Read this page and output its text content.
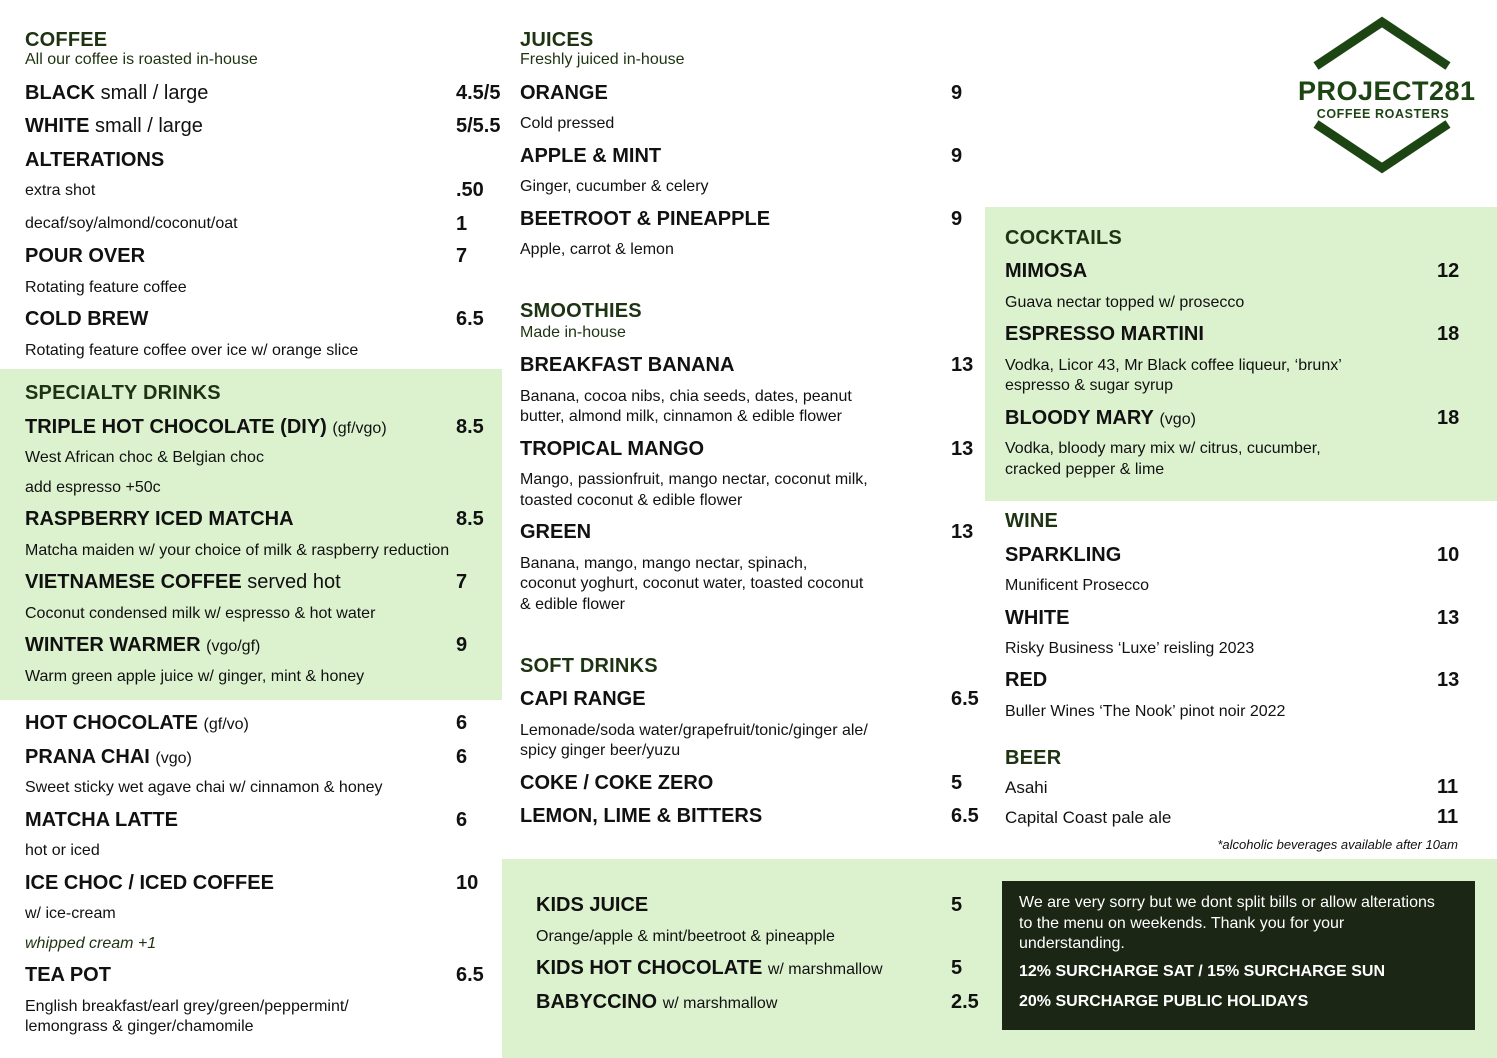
PROJECT281
COFFEE ROASTERS
COFFEE
All our coffee is roasted in-house
BLACK small / large	4.5/5
WHITE small / large	5/5.5
ALTERATIONS
extra shot	.50
decaf/soy/almond/coconut/oat	1
POUR OVER	7
Rotating feature coffee
COLD BREW	6.5
Rotating feature coffee over ice w/ orange slice
SPECIALTY DRINKS
TRIPLE HOT CHOCOLATE (DIY) (gf/vgo)	8.5
West African choc & Belgian choc
add espresso +50c
RASPBERRY ICED MATCHA	8.5
Matcha maiden w/ your choice of milk & raspberry reduction
VIETNAMESE COFFEE served hot	7
Coconut condensed milk w/ espresso & hot water
WINTER WARMER (vgo/gf)	9
Warm green apple juice w/ ginger, mint & honey
HOT CHOCOLATE (gf/vo)	6
PRANA CHAI (vgo)	6
Sweet sticky wet agave chai w/ cinnamon & honey
MATCHA LATTE	6
hot or iced
ICE CHOC / ICED COFFEE	10
w/ ice-cream
whipped cream +1
TEA POT	6.5
English breakfast/earl grey/green/peppermint/
lemongrass & ginger/chamomile
JUICES
Freshly juiced in-house
ORANGE	9
Cold pressed
APPLE & MINT	9
Ginger, cucumber & celery
BEETROOT & PINEAPPLE	9
Apple, carrot & lemon
SMOOTHIES
Made in-house
BREAKFAST BANANA	13
Banana, cocoa nibs, chia seeds, dates, peanut
butter, almond milk, cinnamon & edible flower
TROPICAL MANGO	13
Mango, passionfruit, mango nectar, coconut milk,
toasted coconut & edible flower
GREEN	13
Banana, mango, mango nectar, spinach,
coconut yoghurt, coconut water, toasted coconut
& edible flower
SOFT DRINKS
CAPI RANGE	6.5
Lemonade/soda water/grapefruit/tonic/ginger ale/
spicy ginger beer/yuzu
COKE / COKE ZERO	5
LEMON, LIME & BITTERS	6.5
COCKTAILS
MIMOSA	12
Guava nectar topped w/ prosecco
ESPRESSO MARTINI	18
Vodka, Licor 43, Mr Black coffee liqueur, ‘brunx’
espresso & sugar syrup
BLOODY MARY (vgo)	18
Vodka, bloody mary mix w/ citrus, cucumber,
cracked pepper & lime
WINE
SPARKLING	10
Munificent Prosecco
WHITE	13
Risky Business ‘Luxe’ reisling 2023
RED	13
Buller Wines ‘The Nook’ pinot noir 2022
BEER
Asahi	11
Capital Coast pale ale	11
*alcoholic beverages available after 10am
KIDS JUICE	5
Orange/apple & mint/beetroot & pineapple
KIDS HOT CHOCOLATE w/ marshmallow	5
BABYCCINO w/ marshmallow	2.5
We are very sorry but we dont split bills or allow alterations to the menu on weekends. Thank you for your understanding.
12% SURCHARGE SAT / 15% SURCHARGE SUN
20% SURCHARGE PUBLIC HOLIDAYS
